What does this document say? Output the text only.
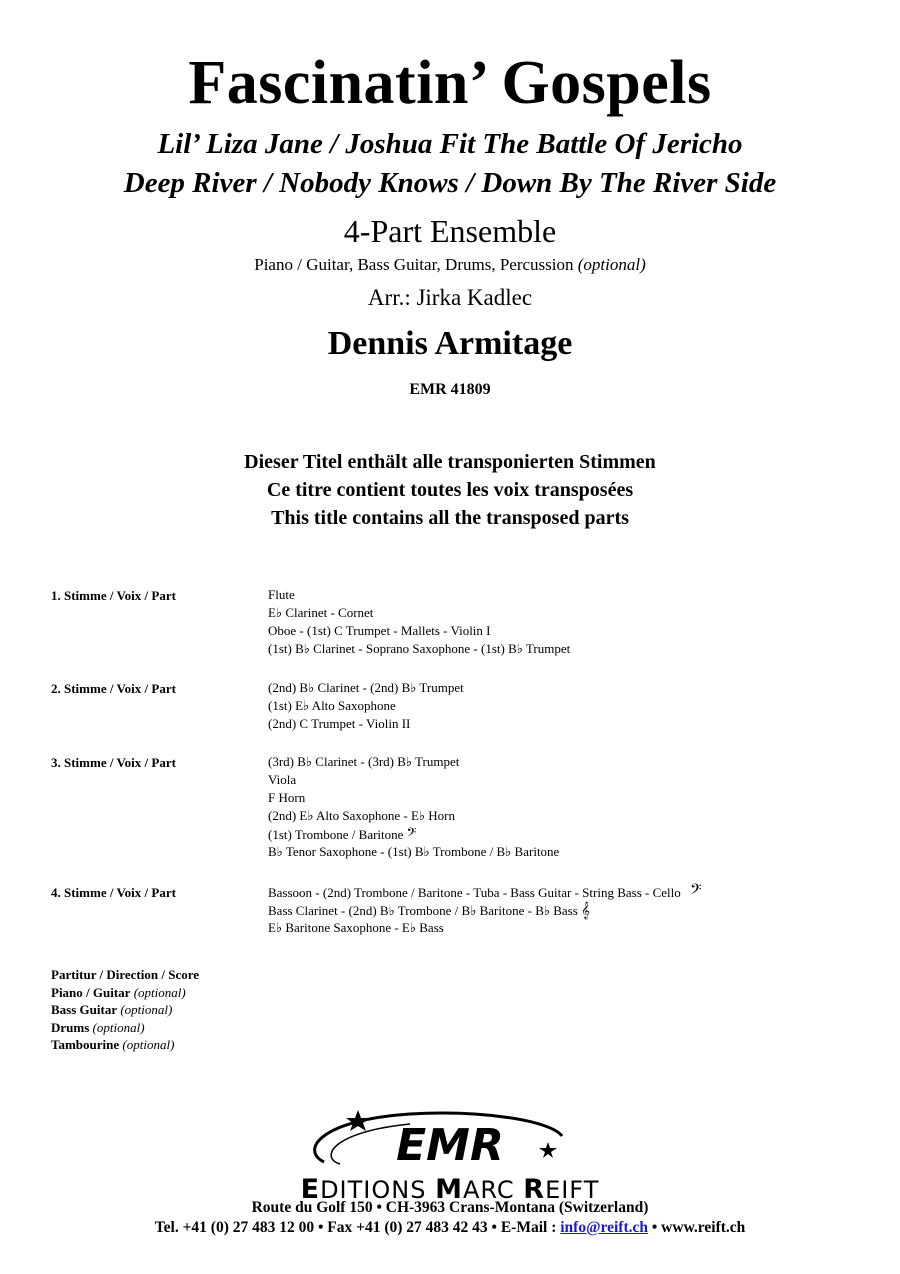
Fascinatin’ Gospels
Lil’ Liza Jane / Joshua Fit The Battle Of Jericho
Deep River / Nobody Knows / Down By The River Side
4-Part Ensemble
Piano / Guitar, Bass Guitar, Drums, Percussion (optional)
Arr.: Jirka Kadlec
Dennis Armitage
EMR 41809
Dieser Titel enthält alle transponierten Stimmen
Ce titre contient toutes les voix transposées
This title contains all the transposed parts
1. Stimme / Voix / Part	Flute
E♭ Clarinet - Cornet
Oboe - (1st) C Trumpet - Mallets - Violin I
(1st) B♭ Clarinet - Soprano Saxophone - (1st) B♭ Trumpet
2. Stimme / Voix / Part	(2nd) B♭ Clarinet - (2nd) B♭ Trumpet
(1st) E♭ Alto Saxophone
(2nd) C Trumpet - Violin II
3. Stimme / Voix / Part	(3rd) B♭ Clarinet - (3rd) B♭ Trumpet
Viola
F Horn
(2nd) E♭ Alto Saxophone - E♭ Horn
(1st) Trombone / Baritone 𝄢
B♭ Tenor Saxophone - (1st) B♭ Trombone / B♭ Baritone
4. Stimme / Voix / Part	Bassoon - (2nd) Trombone / Baritone - Tuba - Bass Guitar - String Bass - Cello 𝄢
Bass Clarinet - (2nd) B♭ Trombone / B♭ Baritone - B♭ Bass 𝄞
E♭ Baritone Saxophone - E♭ Bass
Partitur / Direction / Score
Piano / Guitar (optional)
Bass Guitar (optional)
Drums (optional)
Tambourine (optional)
EMR
EDITIONS MARC REIFT
Route du Golf 150 • CH-3963 Crans-Montana (Switzerland)
Tel. +41 (0) 27 483 12 00 • Fax +41 (0) 27 483 42 43 • E-Mail : info@reift.ch • www.reift.ch
